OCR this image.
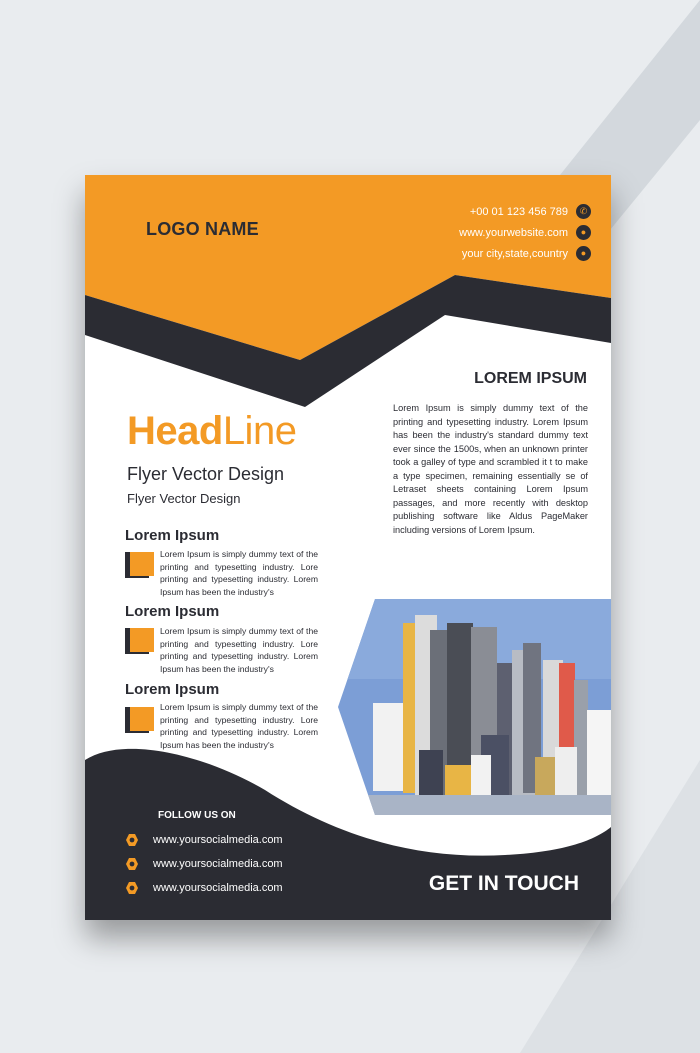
LOGO NAME
+00 01 123 456 789	✆
www.yourwebsite.com	●
your city,state,country	●
LOREM IPSUM
Lorem Ipsum is simply dummy text of the printing and typesetting industry. Lorem Ipsum has been the industry's standard dummy text ever since the 1500s, when an unknown printer took a galley of type and scrambled it t to make a type specimen, remaining essentially se of Letraset sheets containing Lorem Ipsum passages, and more recently with desktop publishing software like Aldus PageMaker including versions of Lorem Ipsum.
HeadLine
Flyer Vector Design
Flyer Vector Design
Lorem Ipsum
Lorem Ipsum is simply dummy text of the printing and typesetting industry. Lore printing and typesetting industry. Lorem Ipsum has been the industry's
Lorem Ipsum
Lorem Ipsum is simply dummy text of the printing and typesetting industry. Lore printing and typesetting industry. Lorem Ipsum has been the industry's
Lorem Ipsum
Lorem Ipsum is simply dummy text of the printing and typesetting industry. Lore printing and typesetting industry. Lorem Ipsum has been the industry's
FOLLOW US ON
www.yoursocialmedia.com
www.yoursocialmedia.com
www.yoursocialmedia.com	GET IN TOUCH
